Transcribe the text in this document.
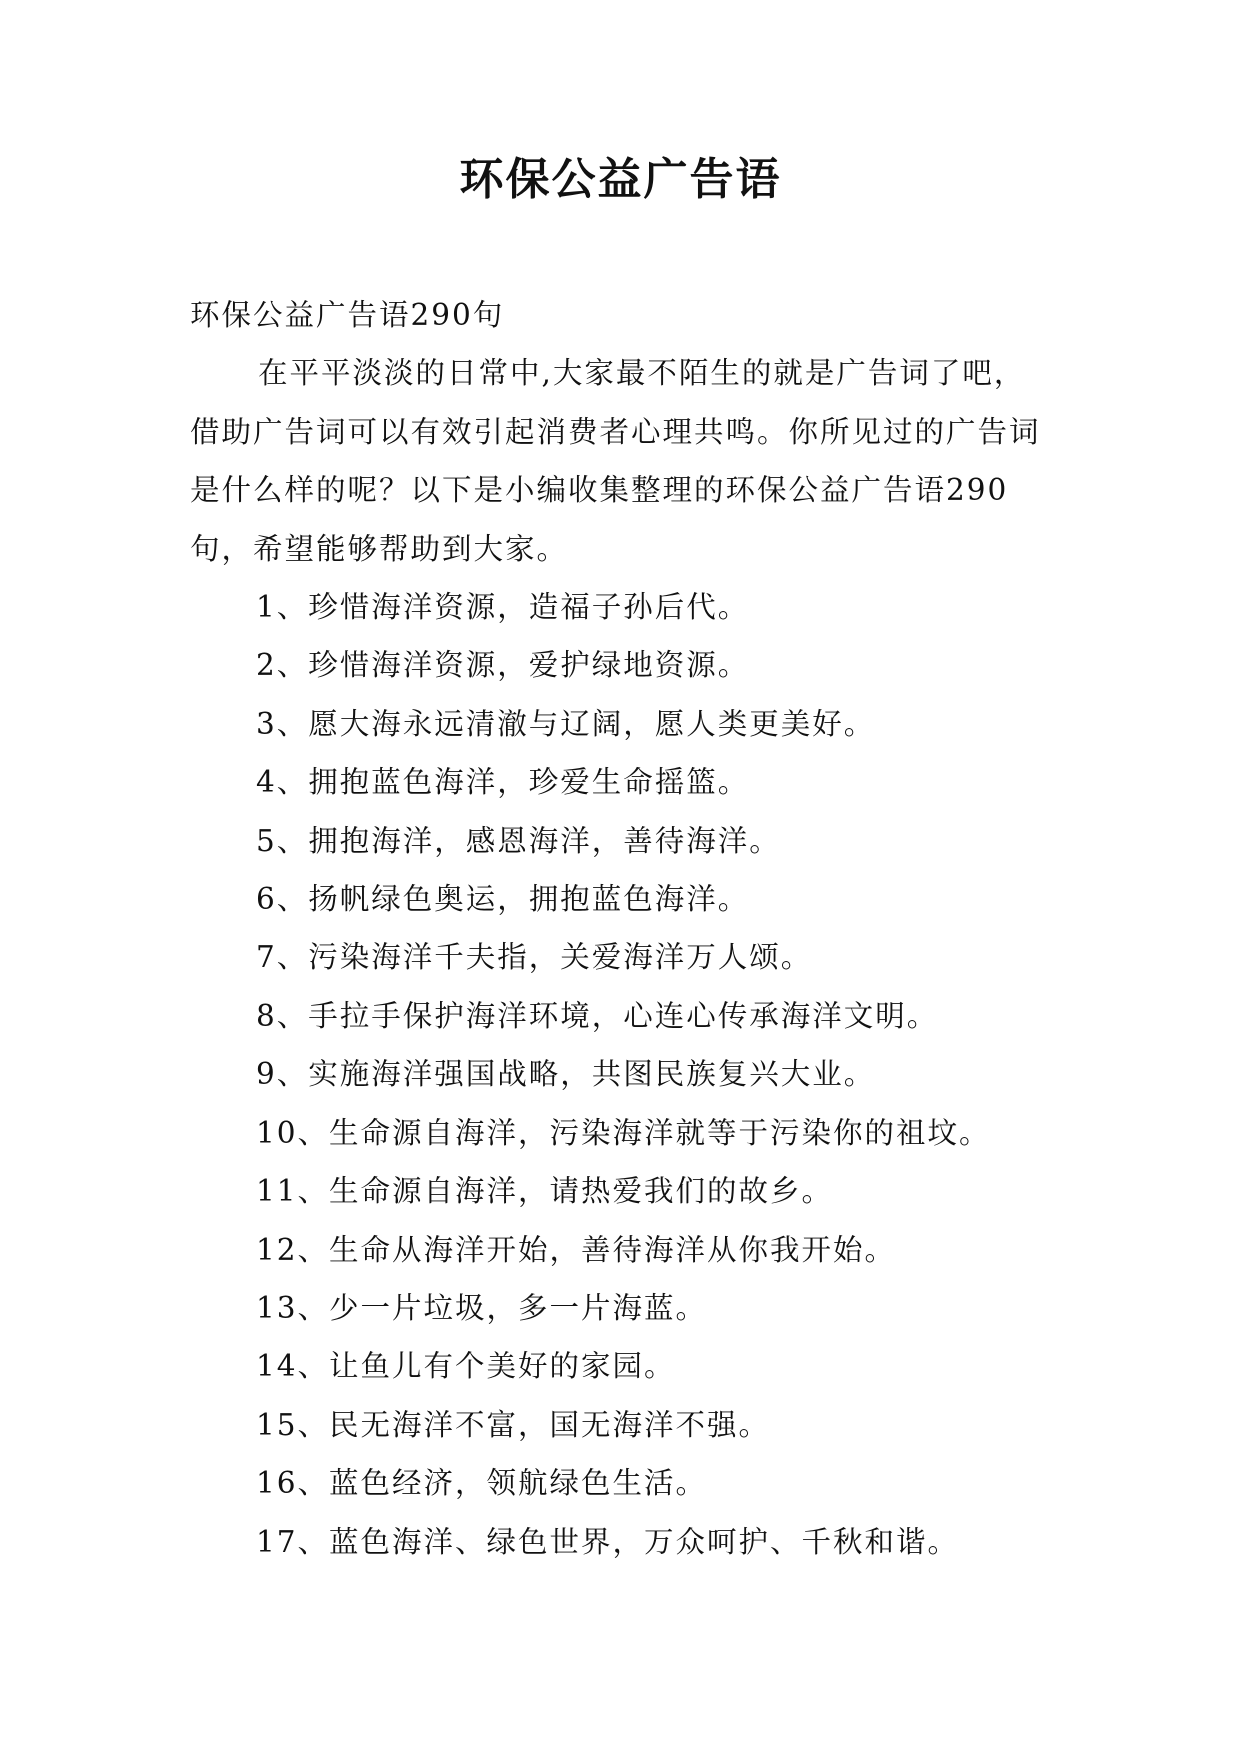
环保公益广告语

环保公益广告语290句

在平平淡淡的日常中,大家最不陌生的就是广告词了吧，借助广告词可以有效引起消费者心理共鸣。你所见过的广告词是什么样的呢？以下是小编收集整理的环保公益广告语290句，希望能够帮助到大家。

1、珍惜海洋资源，造福子孙后代。

2、珍惜海洋资源，爱护绿地资源。

3、愿大海永远清澈与辽阔，愿人类更美好。

4、拥抱蓝色海洋，珍爱生命摇篮。

5、拥抱海洋，感恩海洋，善待海洋。

6、扬帆绿色奥运，拥抱蓝色海洋。

7、污染海洋千夫指，关爱海洋万人颂。

8、手拉手保护海洋环境，心连心传承海洋文明。

9、实施海洋强国战略，共图民族复兴大业。

10、生命源自海洋，污染海洋就等于污染你的祖坟。

11、生命源自海洋，请热爱我们的故乡。

12、生命从海洋开始，善待海洋从你我开始。

13、少一片垃圾，多一片海蓝。

14、让鱼儿有个美好的家园。

15、民无海洋不富，国无海洋不强。

16、蓝色经济，领航绿色生活。

17、蓝色海洋、绿色世界，万众呵护、千秋和谐。
